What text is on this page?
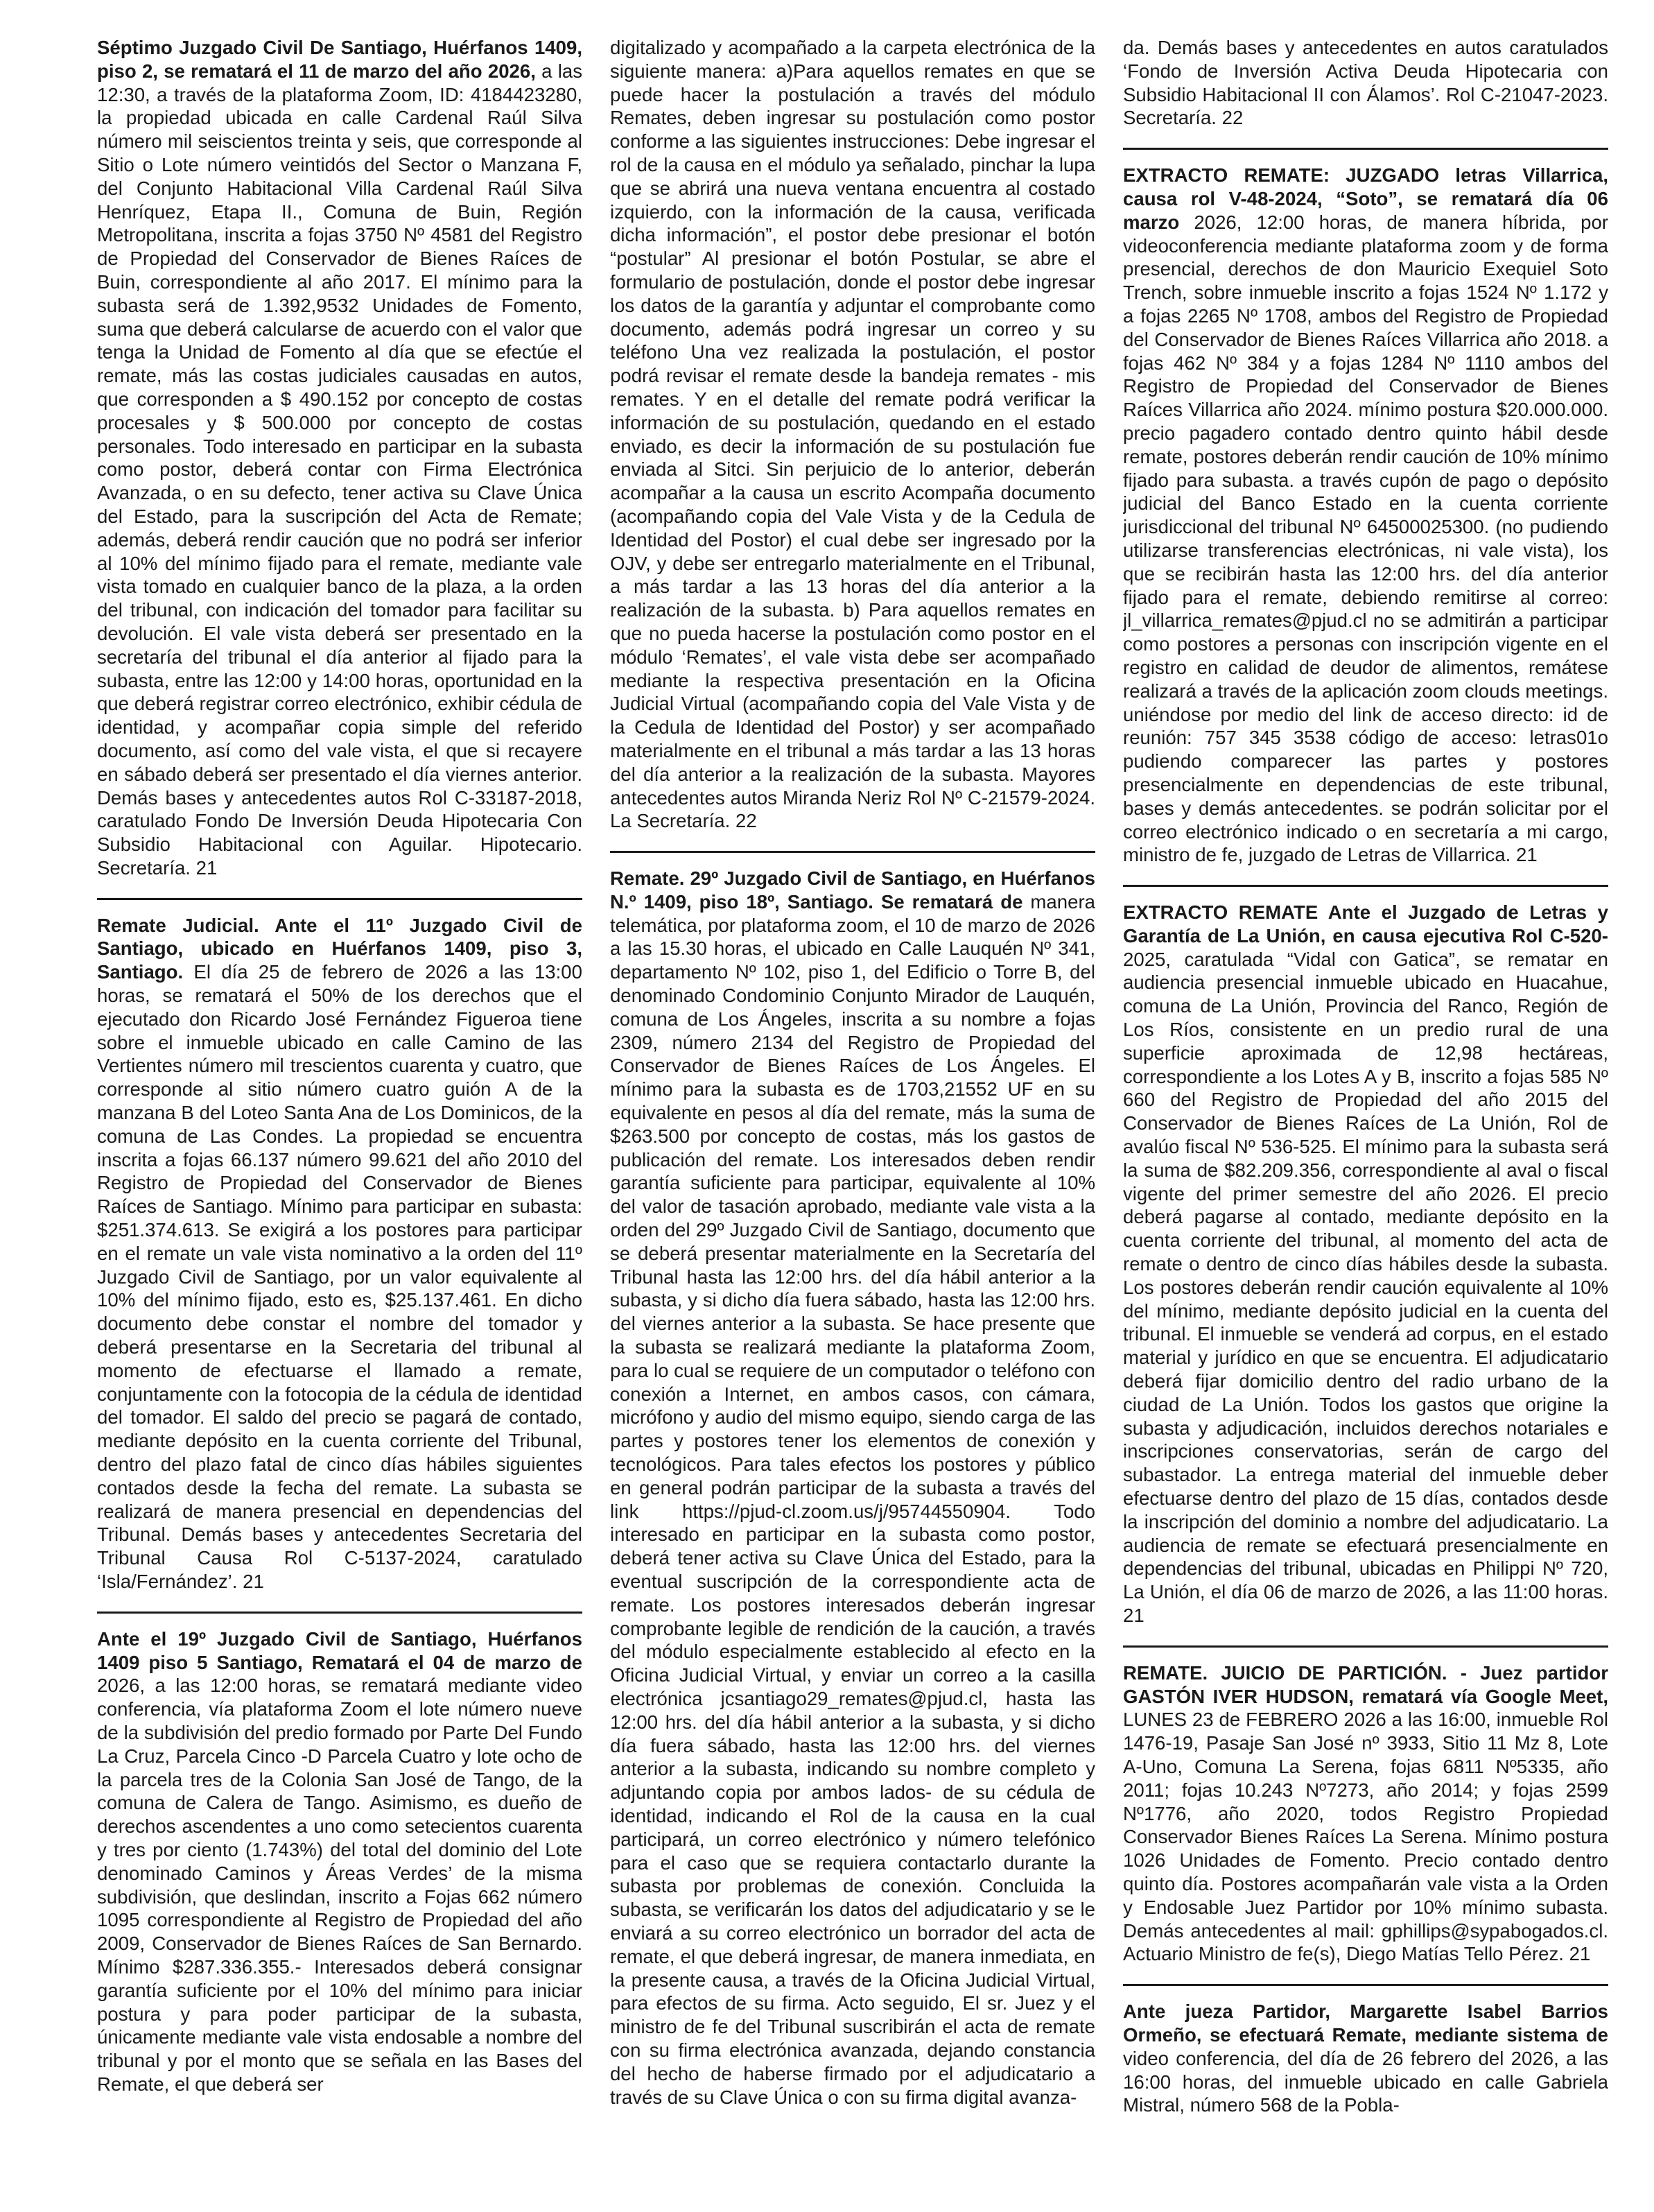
Séptimo Juzgado Civil De Santiago, Huérfanos 1409, piso 2, se rematará el 11 de marzo del año 2026, a las 12:30, a través de la plataforma Zoom, ID: 4184423280, la propiedad ubicada en calle Cardenal Raúl Silva número mil seiscientos treinta y seis, que corresponde al Sitio o Lote número veintidós del Sector o Manzana F, del Conjunto Habitacional Villa Cardenal Raúl Silva Henríquez, Etapa II., Comuna de Buin, Región Metropolitana, inscrita a fojas 3750 Nº 4581 del Registro de Propiedad del Conservador de Bienes Raíces de Buin, correspondiente al año 2017. El mínimo para la subasta será de 1.392,9532 Unidades de Fomento, suma que deberá calcularse de acuerdo con el valor que tenga la Unidad de Fomento al día que se efectúe el remate, más las costas judiciales causadas en autos, que corresponden a $ 490.152 por concepto de costas procesales y $ 500.000 por concepto de costas personales. Todo interesado en participar en la subasta como postor, deberá contar con Firma Electrónica Avanzada, o en su defecto, tener activa su Clave Única del Estado, para la suscripción del Acta de Remate; además, deberá rendir caución que no podrá ser inferior al 10% del mínimo fijado para el remate, mediante vale vista tomado en cualquier banco de la plaza, a la orden del tribunal, con indicación del tomador para facilitar su devolución. El vale vista deberá ser presentado en la secretaría del tribunal el día anterior al fijado para la subasta, entre las 12:00 y 14:00 horas, oportunidad en la que deberá registrar correo electrónico, exhibir cédula de identidad, y acompañar copia simple del referido documento, así como del vale vista, el que si recayere en sábado deberá ser presentado el día viernes anterior. Demás bases y antecedentes autos Rol C-33187-2018, caratulado Fondo De Inversión Deuda Hipotecaria Con Subsidio Habitacional con Aguilar. Hipotecario. Secretaría. 21

Remate Judicial. Ante el 11º Juzgado Civil de Santiago, ubicado en Huérfanos 1409, piso 3, Santiago. El día 25 de febrero de 2026 a las 13:00 horas, se rematará el 50% de los derechos que el ejecutado don Ricardo José Fernández Figueroa tiene sobre el inmueble ubicado en calle Camino de las Vertientes número mil trescientos cuarenta y cuatro, que corresponde al sitio número cuatro guión A de la manzana B del Loteo Santa Ana de Los Dominicos, de la comuna de Las Condes. La propiedad se encuentra inscrita a fojas 66.137 número 99.621 del año 2010 del Registro de Propiedad del Conservador de Bienes Raíces de Santiago. Mínimo para participar en subasta: $251.374.613. Se exigirá a los postores para participar en el remate un vale vista nominativo a la orden del 11º Juzgado Civil de Santiago, por un valor equivalente al 10% del mínimo fijado, esto es, $25.137.461. En dicho documento debe constar el nombre del tomador y deberá presentarse en la Secretaria del tribunal al momento de efectuarse el llamado a remate, conjuntamente con la fotocopia de la cédula de identidad del tomador. El saldo del precio se pagará de contado, mediante depósito en la cuenta corriente del Tribunal, dentro del plazo fatal de cinco días hábiles siguientes contados desde la fecha del remate. La subasta se realizará de manera presencial en dependencias del Tribunal. Demás bases y antecedentes Secretaria del Tribunal Causa Rol C-5137-2024, caratulado ‘Isla/Fernández’. 21

Ante el 19º Juzgado Civil de Santiago, Huérfanos 1409 piso 5 Santiago, Rematará el 04 de marzo de 2026, a las 12:00 horas, se rematará mediante video conferencia, vía plataforma Zoom el lote número nueve de la subdivisión del predio formado por Parte Del Fundo La Cruz, Parcela Cinco -D Parcela Cuatro y lote ocho de la parcela tres de la Colonia San José de Tango, de la comuna de Calera de Tango. Asimismo, es dueño de derechos ascendentes a uno como setecientos cuarenta y tres por ciento (1.743%) del total del dominio del Lote denominado Caminos y Áreas Verdes’ de la misma subdivisión, que deslindan, inscrito a Fojas 662 número 1095 correspondiente al Registro de Propiedad del año 2009, Conservador de Bienes Raíces de San Bernardo. Mínimo $287.336.355.- Interesados deberá consignar garantía suficiente por el 10% del mínimo para iniciar postura y para poder participar de la subasta, únicamente mediante vale vista endosable a nombre del tribunal y por el monto que se señala en las Bases del Remate, el que deberá ser

digitalizado y acompañado a la carpeta electrónica de la siguiente manera: a)Para aquellos remates en que se puede hacer la postulación a través del módulo Remates, deben ingresar su postulación como postor conforme a las siguientes instrucciones: Debe ingresar el rol de la causa en el módulo ya señalado, pinchar la lupa que se abrirá una nueva ventana encuentra al costado izquierdo, con la información de la causa, verificada dicha información”, el postor debe presionar el botón “postular” Al presionar el botón Postular, se abre el formulario de postulación, donde el postor debe ingresar los datos de la garantía y adjuntar el comprobante como documento, además podrá ingresar un correo y su teléfono Una vez realizada la postulación, el postor podrá revisar el remate desde la bandeja remates - mis remates. Y en el detalle del remate podrá verificar la información de su postulación, quedando en el estado enviado, es decir la información de su postulación fue enviada al Sitci. Sin perjuicio de lo anterior, deberán acompañar a la causa un escrito Acompaña documento (acompañando copia del Vale Vista y de la Cedula de Identidad del Postor) el cual debe ser ingresado por la OJV, y debe ser entregarlo materialmente en el Tribunal, a más tardar a las 13 horas del día anterior a la realización de la subasta. b) Para aquellos remates en que no pueda hacerse la postulación como postor en el módulo ‘Remates’, el vale vista debe ser acompañado mediante la respectiva presentación en la Oficina Judicial Virtual (acompañando copia del Vale Vista y de la Cedula de Identidad del Postor) y ser acompañado materialmente en el tribunal a más tardar a las 13 horas del día anterior a la realización de la subasta. Mayores antecedentes autos Miranda Neriz Rol Nº C-21579-2024. La Secretaría. 22

Remate. 29º Juzgado Civil de Santiago, en Huérfanos N.º 1409, piso 18º, Santiago. Se rematará de manera telemática, por plataforma zoom, el 10 de marzo de 2026 a las 15.30 horas, el ubicado en Calle Lauquén Nº 341, departamento Nº 102, piso 1, del Edificio o Torre B, del denominado Condominio Conjunto Mirador de Lauquén, comuna de Los Ángeles, inscrita a su nombre a fojas 2309, número 2134 del Registro de Propiedad del Conservador de Bienes Raíces de Los Ángeles. El mínimo para la subasta es de 1703,21552 UF en su equivalente en pesos al día del remate, más la suma de $263.500 por concepto de costas, más los gastos de publicación del remate. Los interesados deben rendir garantía suficiente para participar, equivalente al 10% del valor de tasación aprobado, mediante vale vista a la orden del 29º Juzgado Civil de Santiago, documento que se deberá presentar materialmente en la Secretaría del Tribunal hasta las 12:00 hrs. del día hábil anterior a la subasta, y si dicho día fuera sábado, hasta las 12:00 hrs. del viernes anterior a la subasta. Se hace presente que la subasta se realizará mediante la plataforma Zoom, para lo cual se requiere de un computador o teléfono con conexión a Internet, en ambos casos, con cámara, micrófono y audio del mismo equipo, siendo carga de las partes y postores tener los elementos de conexión y tecnológicos. Para tales efectos los postores y público en general podrán participar de la subasta a través del link https://pjud-cl.zoom.us/j/95744550904. Todo interesado en participar en la subasta como postor, deberá tener activa su Clave Única del Estado, para la eventual suscripción de la correspondiente acta de remate. Los postores interesados deberán ingresar comprobante legible de rendición de la caución, a través del módulo especialmente establecido al efecto en la Oficina Judicial Virtual, y enviar un correo a la casilla electrónica jcsantiago29_remates@pjud.cl, hasta las 12:00 hrs. del día hábil anterior a la subasta, y si dicho día fuera sábado, hasta las 12:00 hrs. del viernes anterior a la subasta, indicando su nombre completo y adjuntando copia por ambos lados- de su cédula de identidad, indicando el Rol de la causa en la cual participará, un correo electrónico y número telefónico para el caso que se requiera contactarlo durante la subasta por problemas de conexión. Concluida la subasta, se verificarán los datos del adjudicatario y se le enviará a su correo electrónico un borrador del acta de remate, el que deberá ingresar, de manera inmediata, en la presente causa, a través de la Oficina Judicial Virtual, para efectos de su firma. Acto seguido, El sr. Juez y el ministro de fe del Tribunal suscribirán el acta de remate con su firma electrónica avanzada, dejando constancia del hecho de haberse firmado por el adjudicatario a través de su Clave Única o con su firma digital avanza-

da. Demás bases y antecedentes en autos caratulados ‘Fondo de Inversión Activa Deuda Hipotecaria con Subsidio Habitacional II con Álamos’. Rol C-21047-2023. Secretaría. 22

EXTRACTO REMATE: JUZGADO letras Villarrica, causa rol V-48-2024, “Soto”, se rematará día 06 marzo 2026, 12:00 horas, de manera híbrida, por videoconferencia mediante plataforma zoom y de forma presencial, derechos de don Mauricio Exequiel Soto Trench, sobre inmueble inscrito a fojas 1524 Nº 1.172 y a fojas 2265 Nº 1708, ambos del Registro de Propiedad del Conservador de Bienes Raíces Villarrica año 2018. a fojas 462 Nº 384 y a fojas 1284 Nº 1110 ambos del Registro de Propiedad del Conservador de Bienes Raíces Villarrica año 2024. mínimo postura $20.000.000. precio pagadero contado dentro quinto hábil desde remate, postores deberán rendir caución de 10% mínimo fijado para subasta. a través cupón de pago o depósito judicial del Banco Estado en la cuenta corriente jurisdiccional del tribunal Nº 64500025300. (no pudiendo utilizarse transferencias electrónicas, ni vale vista), los que se recibirán hasta las 12:00 hrs. del día anterior fijado para el remate, debiendo remitirse al correo: jl_villarrica_remates@pjud.cl no se admitirán a participar como postores a personas con inscripción vigente en el registro en calidad de deudor de alimentos, remátese realizará a través de la aplicación zoom clouds meetings. uniéndose por medio del link de acceso directo: id de reunión: 757 345 3538 código de acceso: letras01o pudiendo comparecer las partes y postores presencialmente en dependencias de este tribunal, bases y demás antecedentes. se podrán solicitar por el correo electrónico indicado o en secretaría a mi cargo, ministro de fe, juzgado de Letras de Villarrica. 21

EXTRACTO REMATE Ante el Juzgado de Letras y Garantía de La Unión, en causa ejecutiva Rol C-520-2025, caratulada “Vidal con Gatica”, se rematar en audiencia presencial inmueble ubicado en Huacahue, comuna de La Unión, Provincia del Ranco, Región de Los Ríos, consistente en un predio rural de una superficie aproximada de 12,98 hectáreas, correspondiente a los Lotes A y B, inscrito a fojas 585 Nº 660 del Registro de Propiedad del año 2015 del Conservador de Bienes Raíces de La Unión, Rol de avalúo fiscal Nº 536-525. El mínimo para la subasta será la suma de $82.209.356, correspondiente al aval o fiscal vigente del primer semestre del año 2026. El precio deberá pagarse al contado, mediante depósito en la cuenta corriente del tribunal, al momento del acta de remate o dentro de cinco días hábiles desde la subasta. Los postores deberán rendir caución equivalente al 10% del mínimo, mediante depósito judicial en la cuenta del tribunal. El inmueble se venderá ad corpus, en el estado material y jurídico en que se encuentra. El adjudicatario deberá fijar domicilio dentro del radio urbano de la ciudad de La Unión. Todos los gastos que origine la subasta y adjudicación, incluidos derechos notariales e inscripciones conservatorias, serán de cargo del subastador. La entrega material del inmueble deber efectuarse dentro del plazo de 15 días, contados desde la inscripción del dominio a nombre del adjudicatario. La audiencia de remate se efectuará presencialmente en dependencias del tribunal, ubicadas en Philippi Nº 720, La Unión, el día 06 de marzo de 2026, a las 11:00 horas. 21

REMATE. JUICIO DE PARTICIÓN. - Juez partidor GASTÓN IVER HUDSON, rematará vía Google Meet, LUNES 23 de FEBRERO 2026 a las 16:00, inmueble Rol 1476-19, Pasaje San José nº 3933, Sitio 11 Mz 8, Lote A-Uno, Comuna La Serena, fojas 6811 Nº5335, año 2011; fojas 10.243 Nº7273, año 2014; y fojas 2599 Nº1776, año 2020, todos Registro Propiedad Conservador Bienes Raíces La Serena. Mínimo postura 1026 Unidades de Fomento. Precio contado dentro quinto día. Postores acompañarán vale vista a la Orden y Endosable Juez Partidor por 10% mínimo subasta. Demás antecedentes al mail: gphillips@sypabogados.cl. Actuario Ministro de fe(s), Diego Matías Tello Pérez. 21

Ante jueza Partidor, Margarette Isabel Barrios Ormeño, se efectuará Remate, mediante sistema de video conferencia, del día de 26 febrero del 2026, a las 16:00 horas, del inmueble ubicado en calle Gabriela Mistral, número 568 de la Pobla-
